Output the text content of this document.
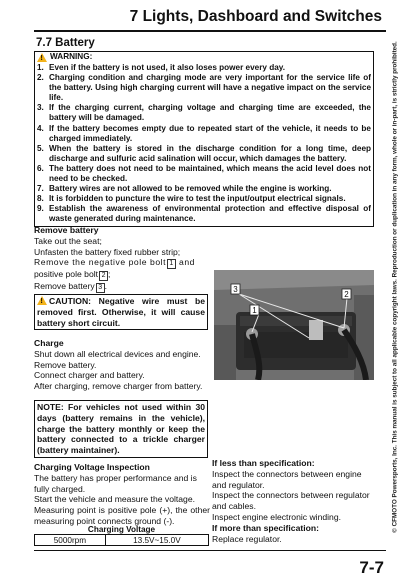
7 Lights, Dashboard and Switches
7.7 Battery
!
WARNING:
1. Even if the battery is not used, it also loses power every day.
2. Charging condition and charging mode are very important for the service life of the battery. Using high charging current will have a negative impact on the service life.
3. If the charging current, charging voltage and charging time are exceeded, the battery will be damaged.
4. If the battery becomes empty due to repeated start of the vehicle, it needs to be charged immediately.
5. When the battery is stored in the discharge condition for a long time, deep discharge and sulfuric acid salination will occur, which damages the battery.
6. The battery does not need to be maintained, which means the acid level does not need to be checked.
7. Battery wires are not allowed to be removed while the engine is working.
8. It is forbidden to puncture the wire to test the input/output electrical signals.
9. Establish the awareness of environmental protection and effective disposal of waste generated during maintenance.

Remove battery

Take out the seat;

Unfasten the battery fixed rubber strip;

Remove the negative pole bolt 1 and

positive pole bolt 2 ;

Remove battery 3 .

!CAUTION: Negative wire must be removed first. Otherwise, it will cause battery short circuit.
3
2
1

Charge

Shut down all electrical devices and engine.

Remove battery.

Connect charger and battery.

After charging, remove charger from battery.

NOTE: For vehicles not used within 30 days (battery remains in the vehicle), charge the battery monthly or keep the battery connected to a trickle charger (battery maintainer).

Charging Voltage Inspection

The battery has proper performance and is fully charged.

Start the vehicle and measure the voltage.

Measuring point is positive pole (+), the other measuring point connects ground (-).

Charging Voltage
5000rpm	13.5V~15.0V

If less than specification:

Inspect the connectors between engine and regulator.

Inspect the connectors between regulator and cables.

Inspect engine electronic winding.

If more than specification:

Replace regulator.

© CFMOTO Powersports, Inc. This manual is subject to all applicable copyright laws. Reproduction or duplication in any form, whole or in-part, is strictly prohibited.

7-7
